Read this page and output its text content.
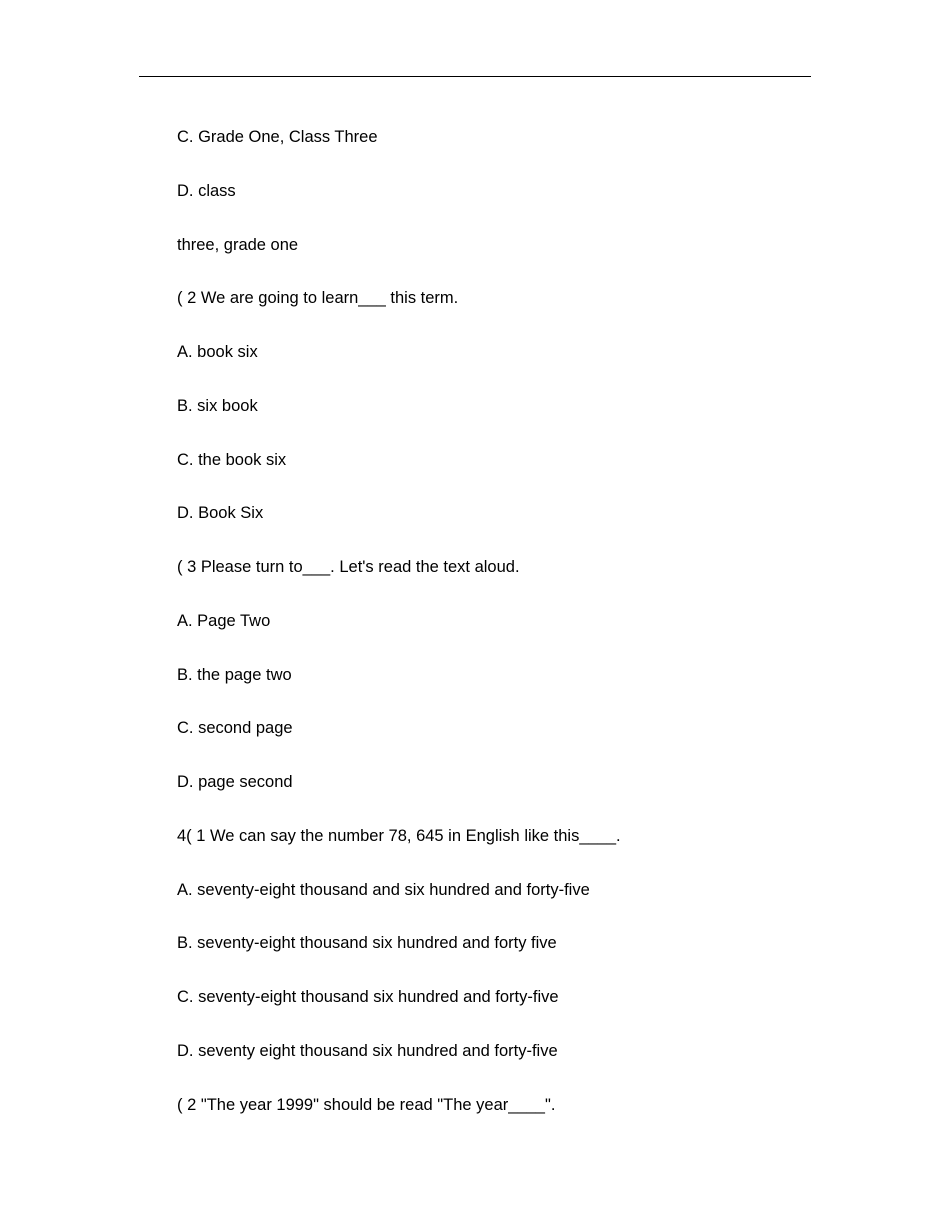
C. Grade One, Class Three
D. class
three, grade one
( 2 We are going to learn___ this term.
A. book six
B. six book
C. the book six
D. Book Six
( 3 Please turn to___. Let's read the text aloud.
A. Page Two
B. the page two
C. second page
D. page second
4( 1 We can say the number 78, 645 in English like this____.
A. seventy-eight thousand and six hundred and forty-five
B. seventy-eight thousand six hundred and forty five
C. seventy-eight thousand six hundred and forty-five
D. seventy eight thousand six hundred and forty-five
( 2 "The year 1999" should be read "The year____".
